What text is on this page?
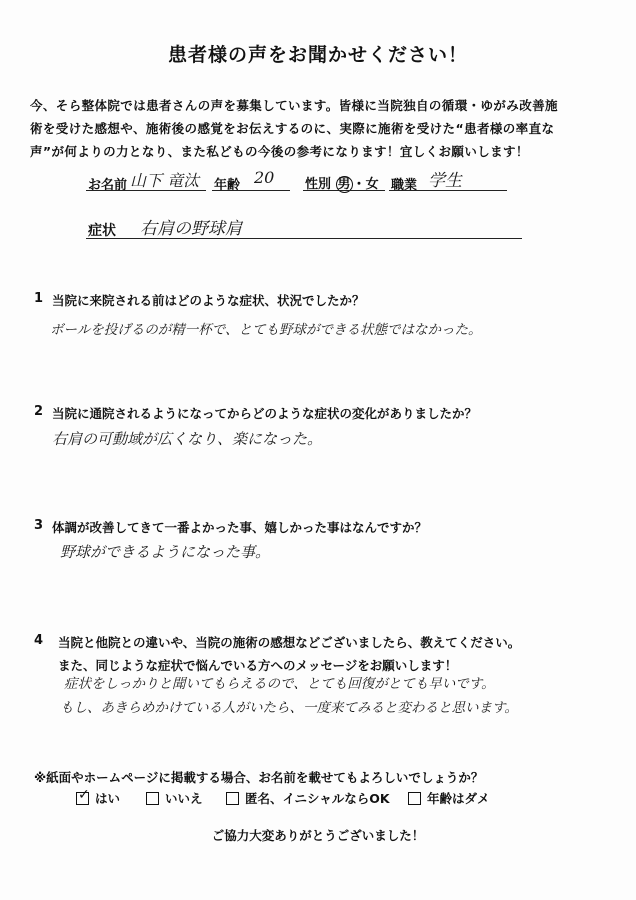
患者様の声をお聞かせください！
今、そら整体院では患者さんの声を募集しています。皆様に当院独自の循環・ゆがみ改善施
術を受けた感想や、施術後の感覚をお伝えするのに、実際に施術を受けた“患者様の率直な
声”が何よりの力となり、また私どもの今後の参考になります！宜しくお願いします！
お名前 山下 竜汰 年齢 20 性別 男 ・女 職業 学生
症状 右肩の野球肩
1 当院に来院される前はどのような症状、状況でしたか？
ボールを投げるのが精一杯で、とても野球ができる状態ではなかった。
2 当院に通院されるようになってからどのような症状の変化がありましたか？
右肩の可動域が広くなり、楽になった。
3 体調が改善してきて一番よかった事、嬉しかった事はなんですか？
野球ができるようになった事。
4 当院と他院との違いや、当院の施術の感想などございましたら、教えてください。
また、同じような症状で悩んでいる方へのメッセージをお願いします！
症状をしっかりと聞いてもらえるので、とても回復がとても早いです。
もし、あきらめかけている人がいたら、一度来てみると変わると思います。
※紙面やホームページに掲載する場合、お名前を載せてもよろしいでしょうか？
✓ はい	いいえ	匿名、イニシャルならOK	年齢はダメ
ご協力大変ありがとうございました！
